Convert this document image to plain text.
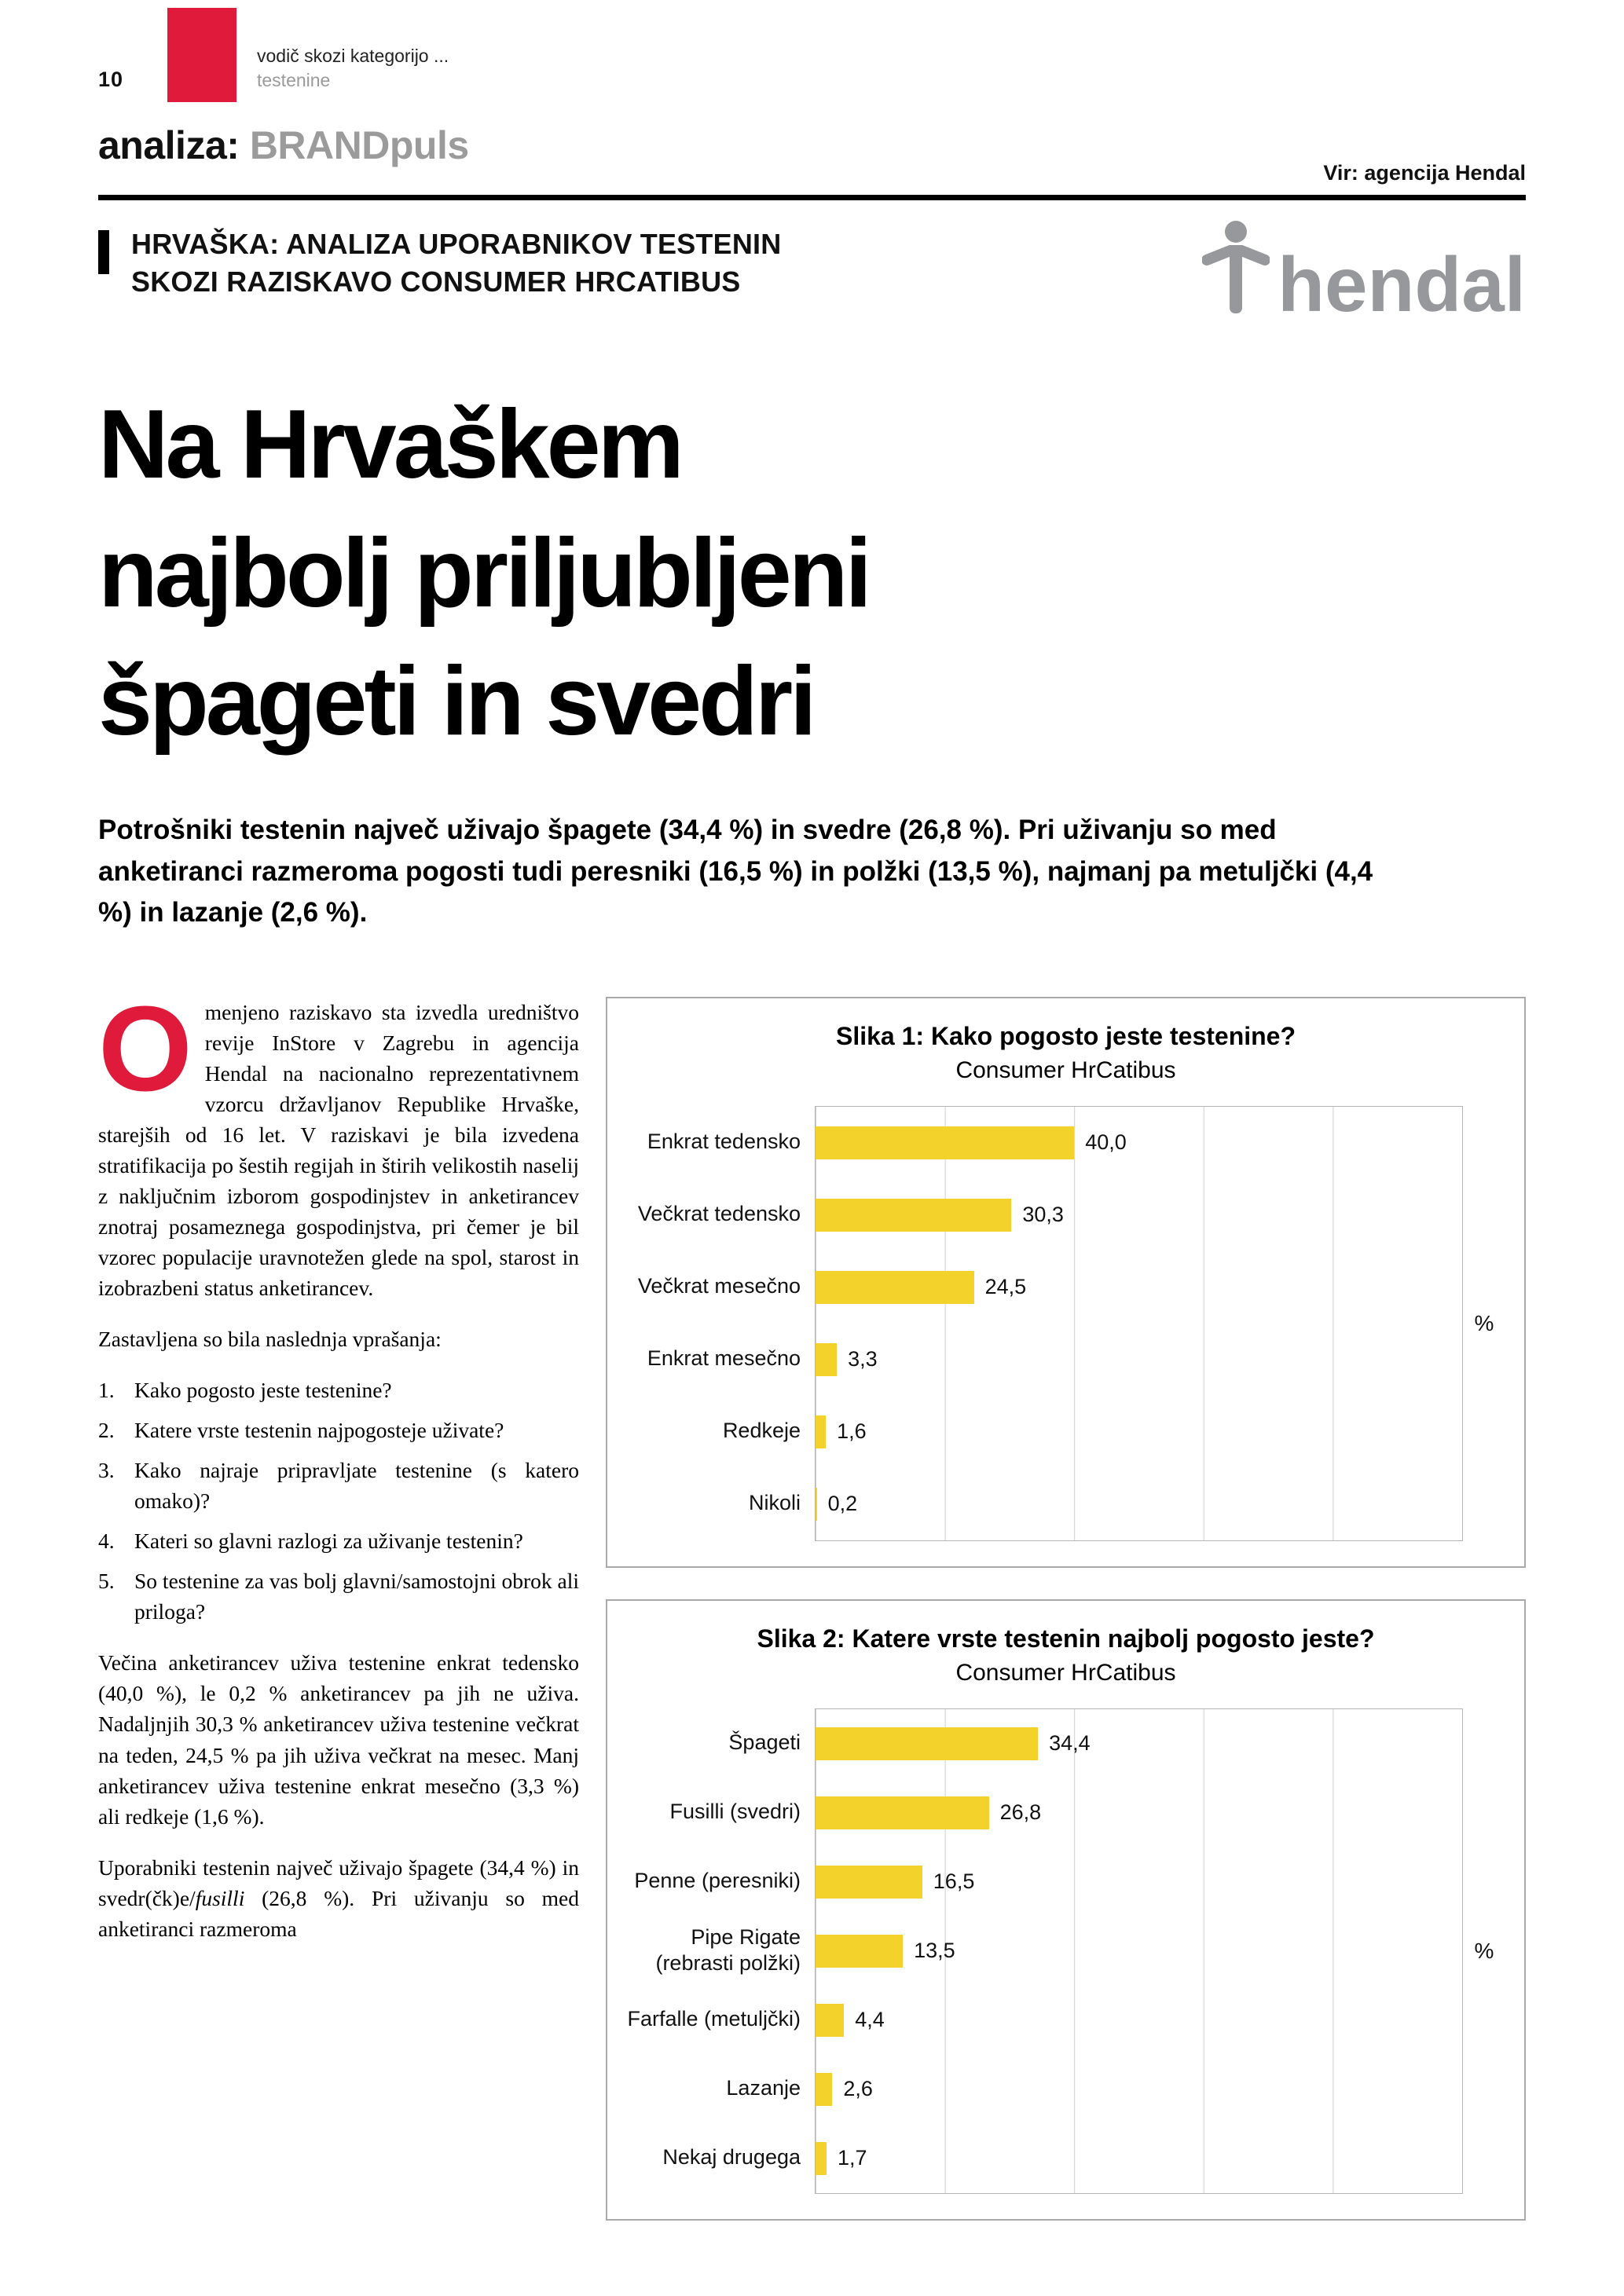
10
vodič skozi kategorijo ...
testenine
analiza: BRANDpuls
Vir: agencija Hendal
HRVAŠKA: ANALIZA UPORABNIKOV TESTENIN
SKOZI RAZISKAVO CONSUMER HRCATIBUS	hendal
Na Hrvaškem
najbolj priljubljeni
špageti in svedri
Potrošniki testenin največ uživajo špagete (34,4 %) in svedre (26,8 %). Pri uživanju so med anketiranci razmeroma pogosti tudi peresniki (16,5 %) in polžki (13,5 %), najmanj pa metuljčki (4,4 %) in lazanje (2,6 %).

Omenjeno raziskavo sta izvedla uredništvo revije InStore v Zagrebu in agencija Hendal na nacionalno reprezentativnem vzorcu državljanov Republike Hrvaške, starejših od 16 let. V raziskavi je bila izvedena stratifikacija po šestih regijah in štirih velikostih naselij z naključnim izborom gospodinjstev in anketirancev znotraj posameznega gospodinjstva, pri čemer je bil vzorec populacije uravnotežen glede na spol, starost in izobrazbeni status anketirancev.

Zastavljena so bila naslednja vprašanja:

Kako pogosto jeste testenine?
Katere vrste testenin najpogosteje uživate?
Kako najraje pripravljate testenine (s katero omako)?
Kateri so glavni razlogi za uživanje testenin?
So testenine za vas bolj glavni/samostojni obrok ali priloga?

Večina anketirancev uživa testenine enkrat tedensko (40,0 %), le 0,2 % anketirancev pa jih ne uživa. Nadaljnjih 30,3 % anketirancev uživa testenine večkrat na teden, 24,5 % pa jih uživa večkrat na mesec. Manj anketirancev uživa testenine enkrat mesečno (3,3 %) ali redkeje (1,6 %).

Uporabniki testenin največ uživajo špagete (34,4 %) in svedr(čk)e/fusilli (26,8 %). Pri uživanju so med anketiranci razmeroma

Slika 1: Kako pogosto jeste testenine?
Consumer HrCatibus
Enkrat tedensko
Večkrat tedensko
Večkrat mesečno
Enkrat mesečno
Redkeje
Nikoli
40,0
30,3
24,5
3,3
1,6
0,2
%
Slika 2: Katere vrste testenin najbolj pogosto jeste?
Consumer HrCatibus
Špageti
Fusilli (svedri)
Penne (peresniki)
Pipe Rigate (rebrasti polžki)
Farfalle (metuljčki)
Lazanje
Nekaj drugega
34,4
26,8
16,5
13,5
4,4
2,6
1,7
%
